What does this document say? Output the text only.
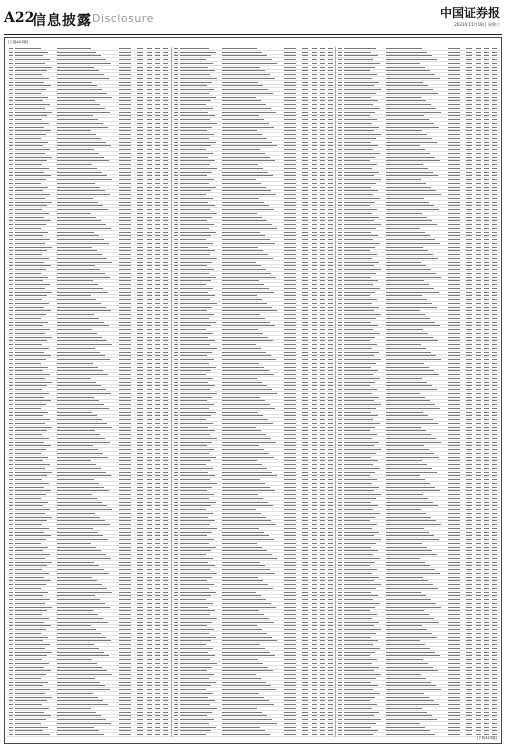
A22
信息披露 Disclosure	中国证券报
2023年11月18日 星期六
(上接A21版)
(下转A23版)
